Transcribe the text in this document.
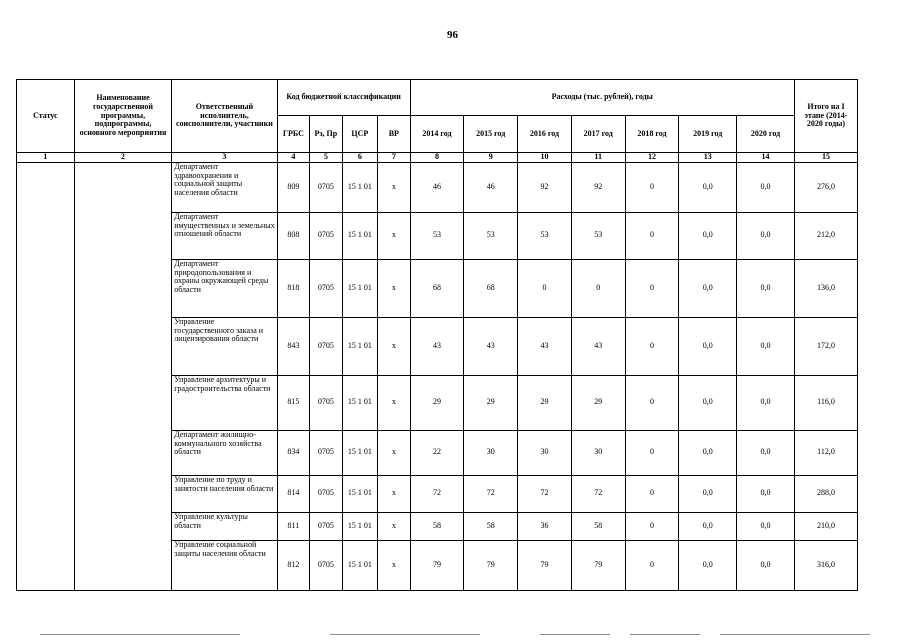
96
Статус	Наименование государственной программы, подпрограммы, основного мероприятия	Ответственный исполнитель, соисполнители, участники	Код бюджетной классификации				Расходы (тыс. рублей), годы							Итого на I этапе (2014-2020 годы)
			ГРБС	Рз, Пр	ЦСР	ВР	2014 год	2015 год	2016 год	2017 год	2018 год	2019 год	2020 год	
1	2	3	4	5	6	7	8	9	10	11	12	13	14	15
		Департамент здравоохранения и социальной защиты населения области	809	0705	15 1 01	x	46	46	92	92	0	0,0	0,0	276,0
		Департамент имущественных и земельных отношений области	808	0705	15 1 01	x	53	53	53	53	0	0,0	0,0	212,0
		Департамент природопользования и охраны окружающей среды области	818	0705	15 1 01	x	68	68	0	0	0	0,0	0,0	136,0
		Управление государственного заказа и лицензирования области	843	0705	15 1 01	x	43	43	43	43	0	0,0	0,0	172,0
		Управление архитектуры и градостроительства области	815	0705	15 1 01	x	29	29	29	29	0	0,0	0,0	116,0
		Департамент жилищно-коммунального хозяйства области	834	0705	15 1 01	x	22	30	30	30	0	0,0	0,0	112,0
		Управление по труду и занятости населения области	814	0705	15 1 01	x	72	72	72	72	0	0,0	0,0	288,0
		Управление культуры области	811	0705	15 1 01	x	58	58	36	58	0	0,0	0,0	210,0
		Управление социальной защиты населения области	812	0705	15 1 01	x	79	79	79	79	0	0,0	0,0	316,0
